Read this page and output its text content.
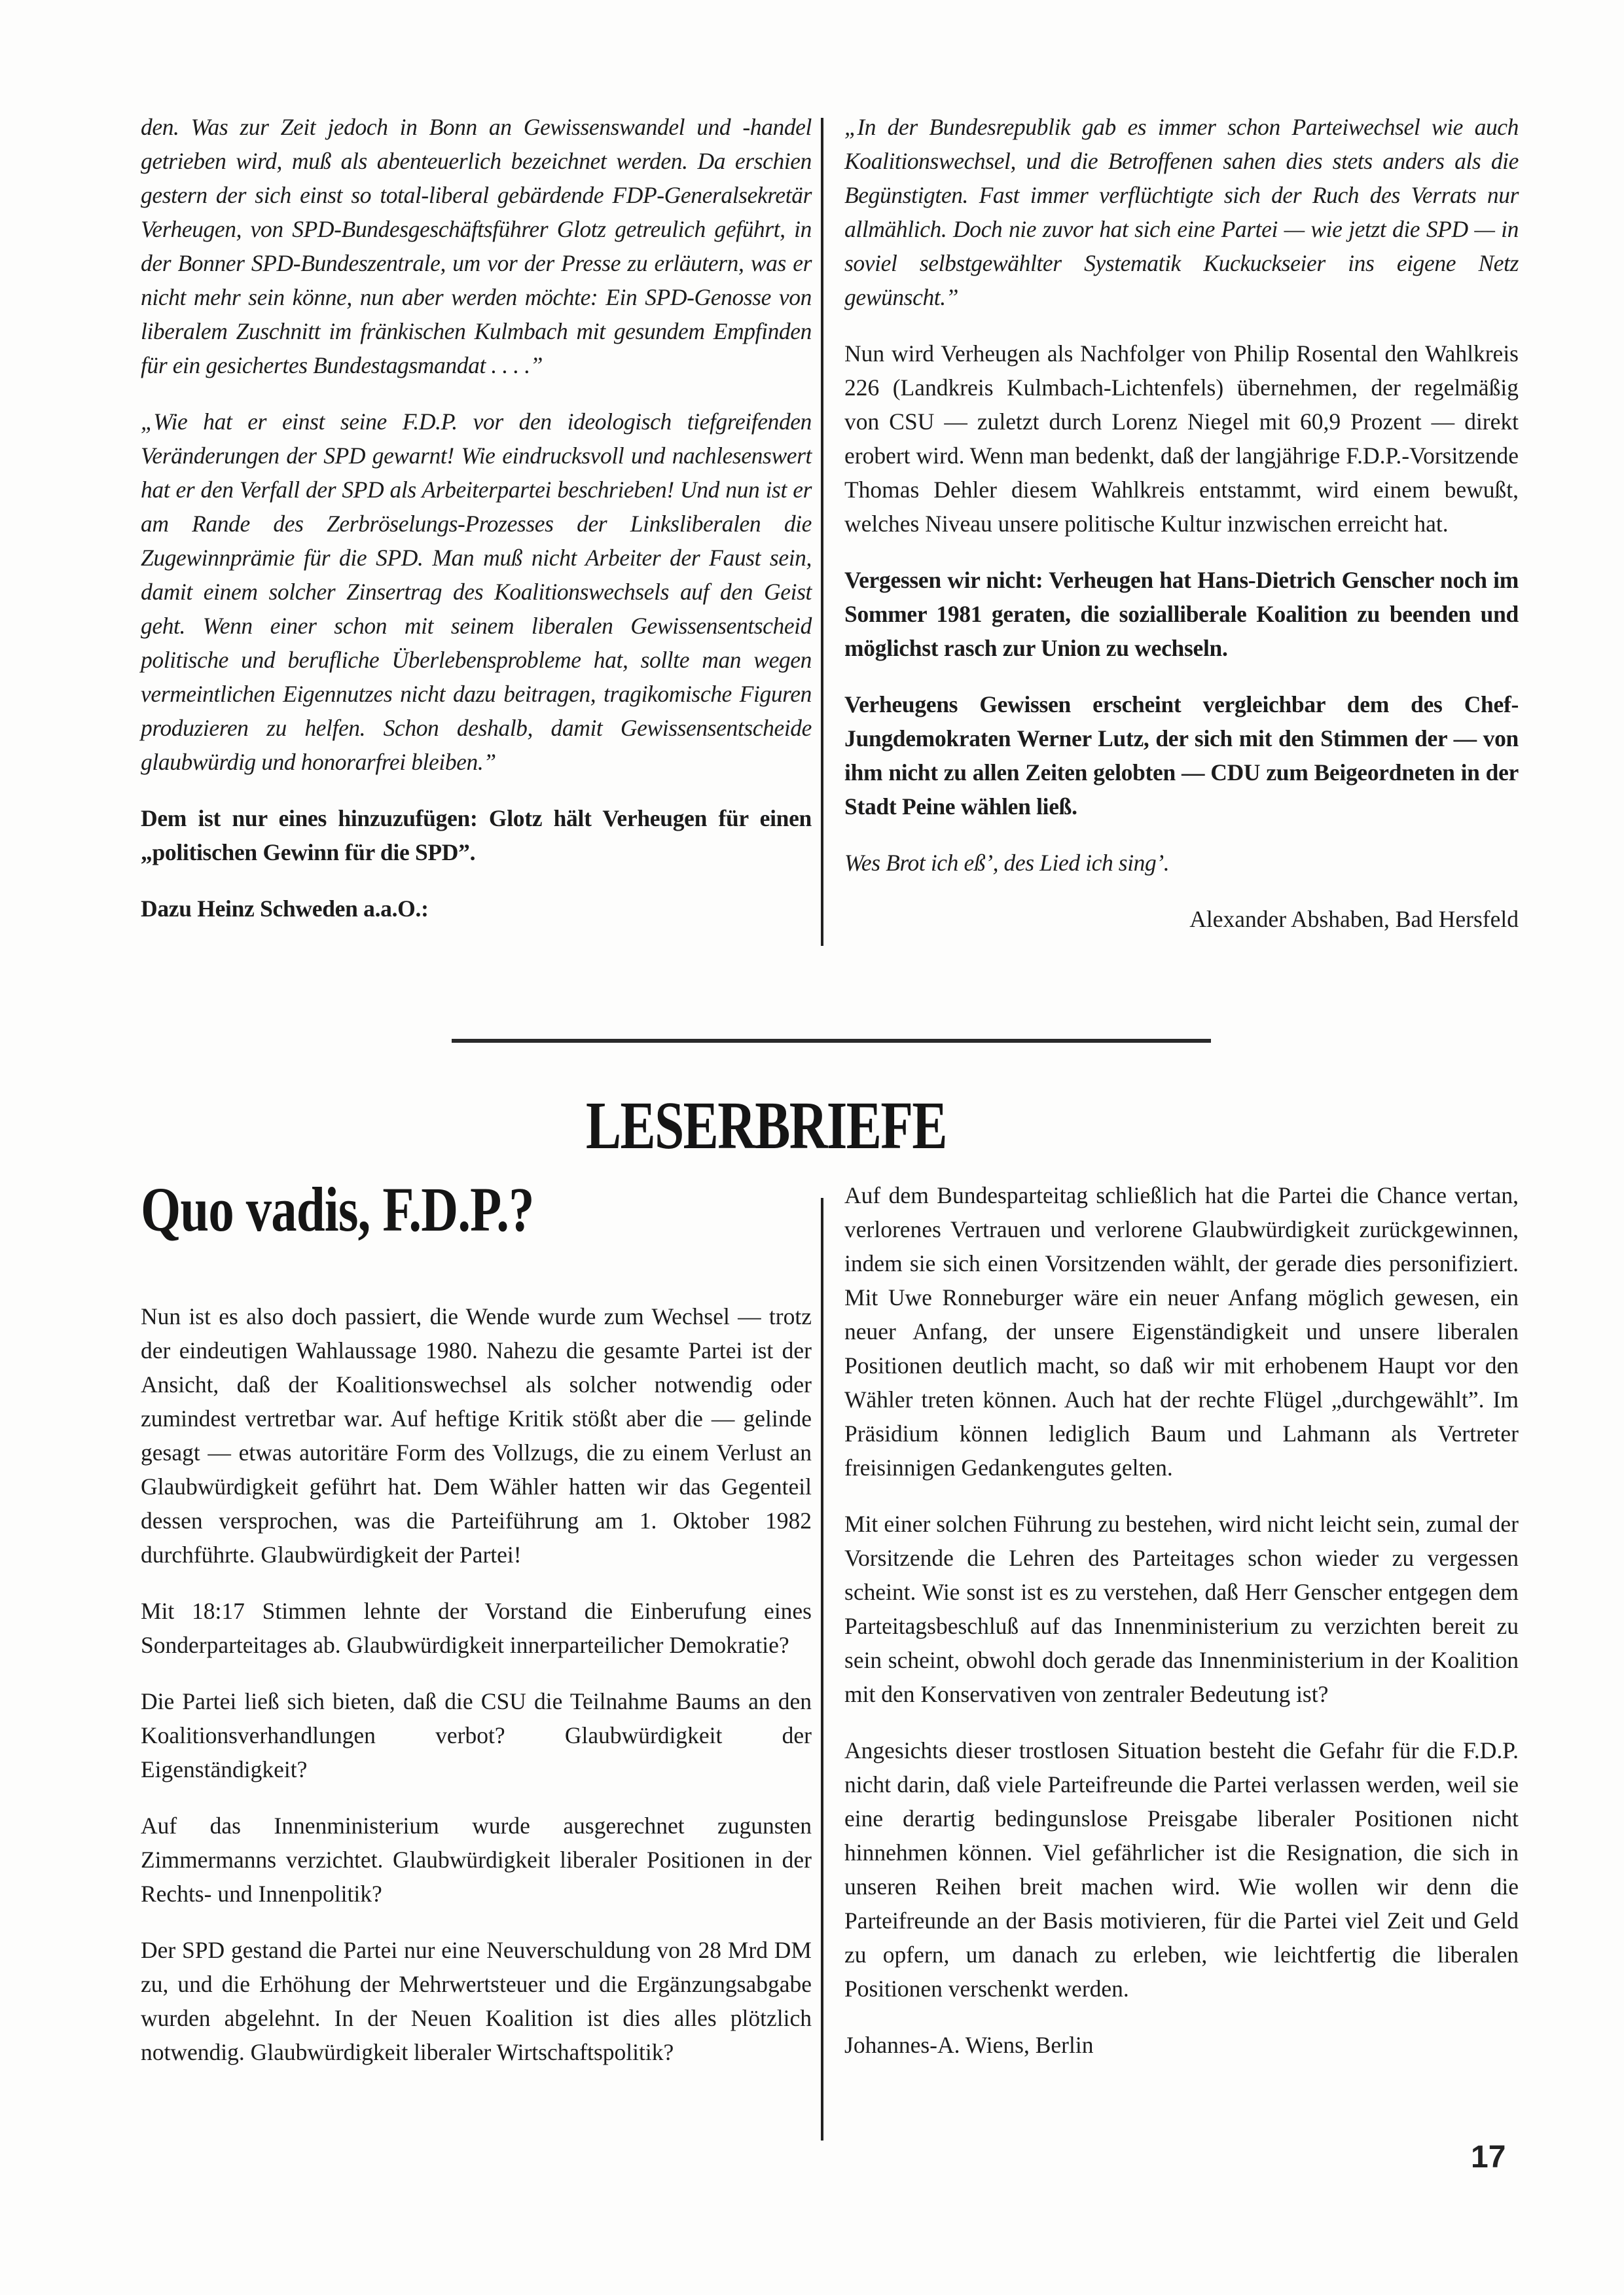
den. Was zur Zeit jedoch in Bonn an Gewissenswandel und -handel getrieben wird, muß als abenteuerlich bezeichnet werden. Da erschien gestern der sich einst so total-liberal gebärdende FDP-Generalsekretär Verheugen, von SPD-Bundesgeschäftsführer Glotz getreulich geführt, in der Bonner SPD-Bundeszentrale, um vor der Presse zu erläutern, was er nicht mehr sein könne, nun aber werden möchte: Ein SPD-Genosse von liberalem Zuschnitt im fränkischen Kulmbach mit gesundem Empfinden für ein gesichertes Bundestagsmandat . . . .”

„Wie hat er einst seine F.D.P. vor den ideologisch tiefgreifenden Veränderungen der SPD gewarnt! Wie eindrucksvoll und nachlesenswert hat er den Verfall der SPD als Arbeiterpartei beschrieben! Und nun ist er am Rande des Zerbröselungs-Prozesses der Linksliberalen die Zugewinnprämie für die SPD. Man muß nicht Arbeiter der Faust sein, damit einem solcher Zinsertrag des Koalitionswechsels auf den Geist geht. Wenn einer schon mit seinem liberalen Gewissensentscheid politische und berufliche Überlebensprobleme hat, sollte man wegen vermeintlichen Eigennutzes nicht dazu beitragen, tragikomische Figuren produzieren zu helfen. Schon deshalb, damit Gewissensentscheide glaubwürdig und honorarfrei bleiben.”

Dem ist nur eines hinzuzufügen: Glotz hält Verheugen für einen „politischen Gewinn für die SPD”.

Dazu Heinz Schweden a.a.O.:

„In der Bundesrepublik gab es immer schon Parteiwechsel wie auch Koalitionswechsel, und die Betroffenen sahen dies stets anders als die Begünstigten. Fast immer verflüchtigte sich der Ruch des Verrats nur allmählich. Doch nie zuvor hat sich eine Partei — wie jetzt die SPD — in soviel selbstgewählter Systematik Kuckuckseier ins eigene Netz gewünscht.”

Nun wird Verheugen als Nachfolger von Philip Rosental den Wahlkreis 226 (Landkreis Kulmbach-Lichtenfels) übernehmen, der regelmäßig von CSU — zuletzt durch Lorenz Niegel mit 60,9 Prozent — direkt erobert wird. Wenn man bedenkt, daß der langjährige F.D.P.-Vorsitzende Thomas Dehler diesem Wahlkreis entstammt, wird einem bewußt, welches Niveau unsere politische Kultur inzwischen erreicht hat.

Vergessen wir nicht: Verheugen hat Hans-Dietrich Genscher noch im Sommer 1981 geraten, die sozialliberale Koalition zu beenden und möglichst rasch zur Union zu wechseln.

Verheugens Gewissen erscheint vergleichbar dem des Chef-Jungdemokraten Werner Lutz, der sich mit den Stimmen der — von ihm nicht zu allen Zeiten gelobten — CDU zum Beigeordneten in der Stadt Peine wählen ließ.

Wes Brot ich eß’, des Lied ich sing’.

Alexander Abshaben, Bad Hersfeld

LESERBRIEFE
Quo vadis, F.D.P.?

Nun ist es also doch passiert, die Wende wurde zum Wechsel — trotz der eindeutigen Wahlaussage 1980. Nahezu die gesamte Partei ist der Ansicht, daß der Koalitionswechsel als solcher notwendig oder zumindest vertretbar war. Auf heftige Kritik stößt aber die — gelinde gesagt — etwas autoritäre Form des Vollzugs, die zu einem Verlust an Glaubwürdigkeit geführt hat. Dem Wähler hatten wir das Gegenteil dessen versprochen, was die Parteiführung am 1. Oktober 1982 durchführte. Glaubwürdigkeit der Partei!

Mit 18:17 Stimmen lehnte der Vorstand die Einberufung eines Sonderparteitages ab. Glaubwürdigkeit innerparteilicher Demokratie?

Die Partei ließ sich bieten, daß die CSU die Teilnahme Baums an den Koalitionsverhandlungen verbot? Glaubwürdigkeit der Eigenständigkeit?

Auf das Innenministerium wurde ausgerechnet zugunsten Zimmermanns verzichtet. Glaubwürdigkeit liberaler Positionen in der Rechts- und Innenpolitik?

Der SPD gestand die Partei nur eine Neuverschuldung von 28 Mrd DM zu, und die Erhöhung der Mehrwertsteuer und die Ergänzungsabgabe wurden abgelehnt. In der Neuen Koalition ist dies alles plötzlich notwendig. Glaubwürdigkeit liberaler Wirtschaftspolitik?

Auf dem Bundesparteitag schließlich hat die Partei die Chance vertan, verlorenes Vertrauen und verlorene Glaubwürdigkeit zurückgewinnen, indem sie sich einen Vorsitzenden wählt, der gerade dies personifiziert. Mit Uwe Ronneburger wäre ein neuer Anfang möglich gewesen, ein neuer Anfang, der unsere Eigenständigkeit und unsere liberalen Positionen deutlich macht, so daß wir mit erhobenem Haupt vor den Wähler treten können. Auch hat der rechte Flügel „durchgewählt”. Im Präsidium können lediglich Baum und Lahmann als Vertreter freisinnigen Gedankengutes gelten.

Mit einer solchen Führung zu bestehen, wird nicht leicht sein, zumal der Vorsitzende die Lehren des Parteitages schon wieder zu vergessen scheint. Wie sonst ist es zu verstehen, daß Herr Genscher entgegen dem Parteitagsbeschluß auf das Innenministerium zu verzichten bereit zu sein scheint, obwohl doch gerade das Innenministerium in der Koalition mit den Konservativen von zentraler Bedeutung ist?

Angesichts dieser trostlosen Situation besteht die Gefahr für die F.D.P. nicht darin, daß viele Parteifreunde die Partei verlassen werden, weil sie eine derartig bedingunslose Preisgabe liberaler Positionen nicht hinnehmen können. Viel gefährlicher ist die Resignation, die sich in unseren Reihen breit machen wird. Wie wollen wir denn die Parteifreunde an der Basis motivieren, für die Partei viel Zeit und Geld zu opfern, um danach zu erleben, wie leichtfertig die liberalen Positionen verschenkt werden.

Johannes-A. Wiens, Berlin

17
